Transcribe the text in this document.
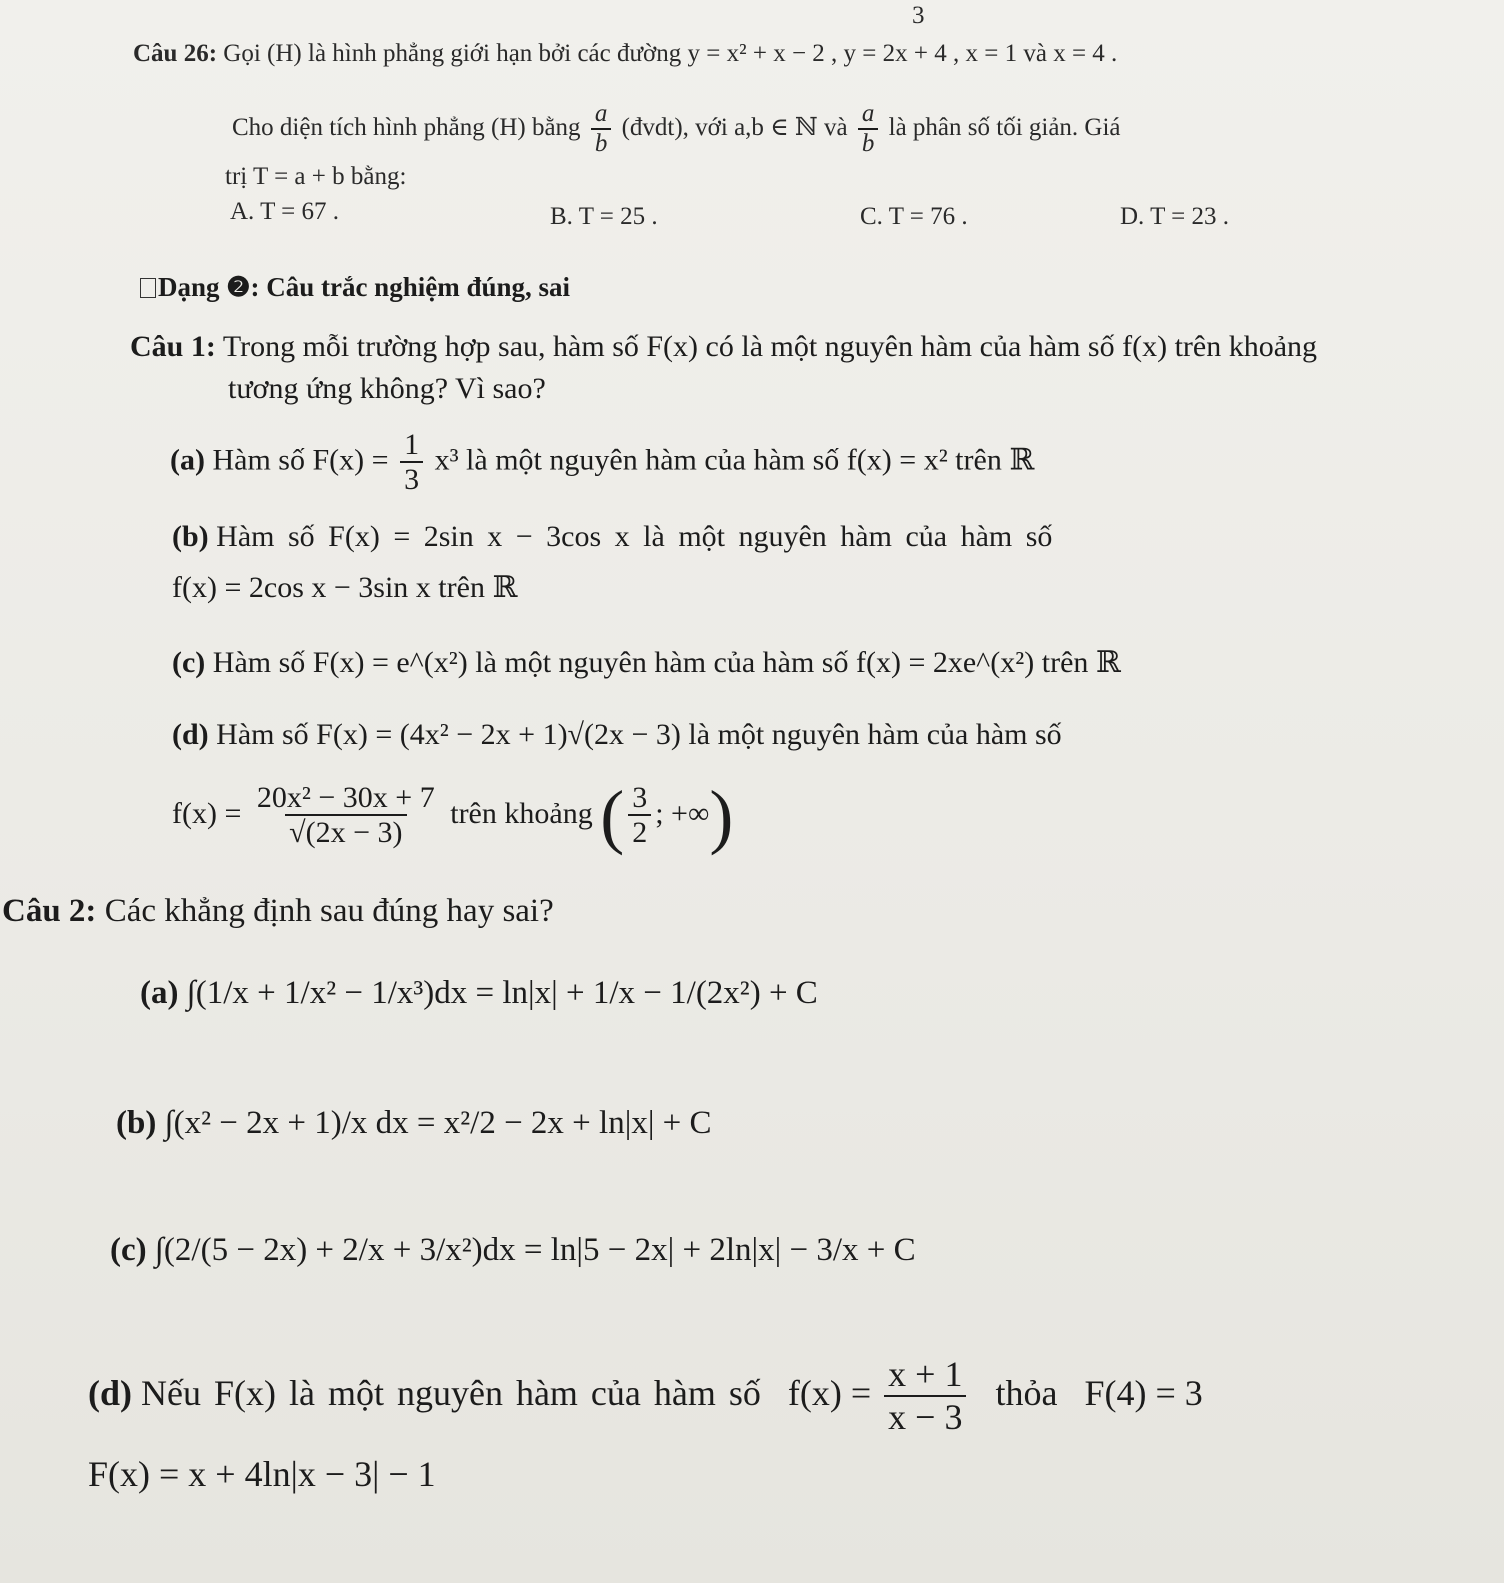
3
Câu 26: Gọi (H) là hình phẳng giới hạn bởi các đường y = x² + x − 2 , y = 2x + 4 , x = 1 và x = 4 .
Cho diện tích hình phẳng (H) bằng $\frac{a}{b}$ (đvdt), với a,b ∈ ℕ và $\frac{a}{b}$ là phân số tối giản. Giá
trị T = a + b bằng:
A. T = 67 .	B. T = 25 .	C. T = 76 .	D. T = 23 .
Dạng ❷: Câu trắc nghiệm đúng, sai
Câu 1: Trong mỗi trường hợp sau, hàm số F(x) có là một nguyên hàm của hàm số f(x) trên khoảng
tương ứng không? Vì sao?
(a) Hàm số $F(x) = \frac{1}{3} x^3$ là một nguyên hàm của hàm số f(x) = x² trên ℝ
(b) Hàm số F(x) = 2sin x − 3cos x là một nguyên hàm của hàm số
f(x) = 2cos x − 3sin x trên ℝ
(c) Hàm số F(x) = e^(x²) là một nguyên hàm của hàm số f(x) = 2xe^(x²) trên ℝ
(d) Hàm số F(x) = (4x² − 2x + 1)√(2x − 3) là một nguyên hàm của hàm số
$f(x) = \frac{\text{20x² − 30x + 7}}{√(2x - 3)}$ trên khoảng ( $\frac{3}{2}$ ; +∞)
Câu 2: Các khẳng định sau đúng hay sai?
(a) ∫(1/x + 1/x² − 1/x³)dx = ln|x| + 1/x − 1/(2x²) + C
(b) ∫(x² − 2x + 1)/x dx = x²/2 − 2x + ln|x| + C
(c) ∫(2/(5 − 2x) + 2/x + 3/x²)dx = ln|5 − 2x| + 2ln|x| − 3/x + C
(d) Nếu F(x) là một nguyên hàm của hàm số $f(x) = \frac{x + 1}{x - 3}$ thỏa F(4) = 3
F(x) = x + 4ln|x − 3| − 1
